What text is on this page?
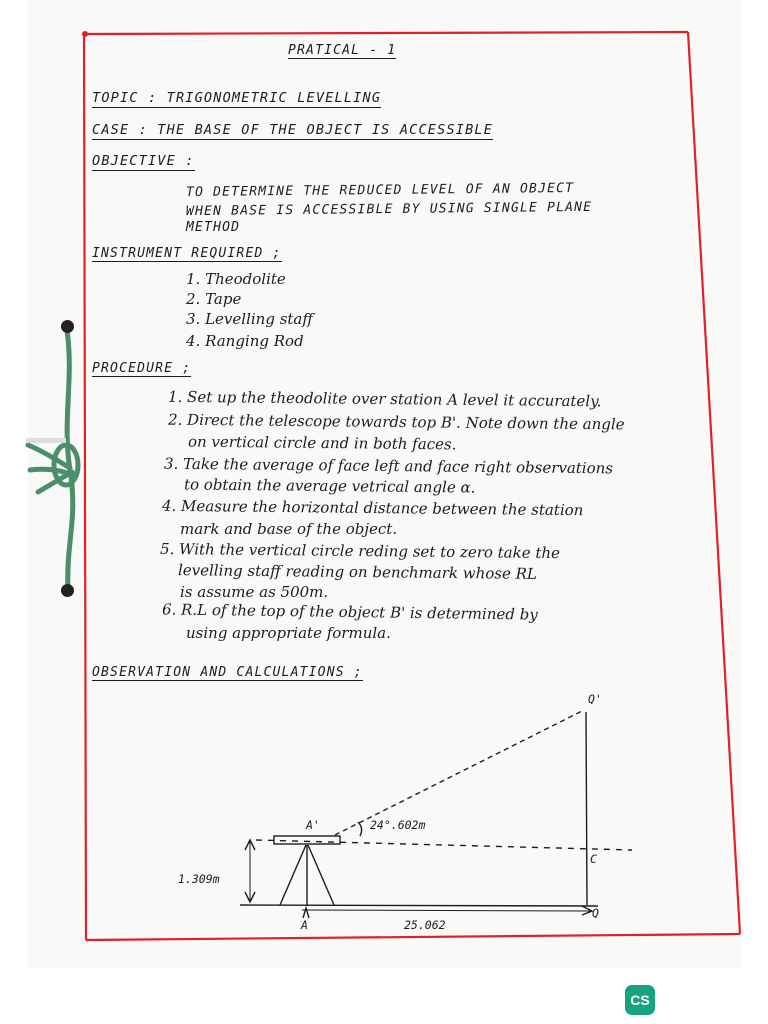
PRATICAL - 1
TOPIC : TRIGONOMETRIC LEVELLING
CASE : THE BASE OF THE OBJECT IS ACCESSIBLE
OBJECTIVE :
TO DETERMINE THE REDUCED LEVEL OF AN OBJECT
WHEN BASE IS ACCESSIBLE BY USING SINGLE PLANE
METHOD
INSTRUMENT REQUIRED ;
1. Theodolite
2. Tape
3. Levelling staff
4. Ranging Rod
PROCEDURE ;
1. Set up the theodolite over station A level it accurately.
2. Direct the telescope towards top B'. Note down the angle
on vertical circle and in both faces.
3. Take the average of face left and face right observations
to obtain the average vetrical angle α.
4. Measure the horizontal distance between the station
mark and base of the object.
5. With the vertical circle reding set to zero take the
levelling staff reading on benchmark whose RL
is assume as 500m.
6. R.L of the top of the object B' is determined by
using appropriate formula.
OBSERVATION AND CALCULATIONS ;
Q'
A'	24°.602m
C
1.309m
A
Q
25.062
CS
